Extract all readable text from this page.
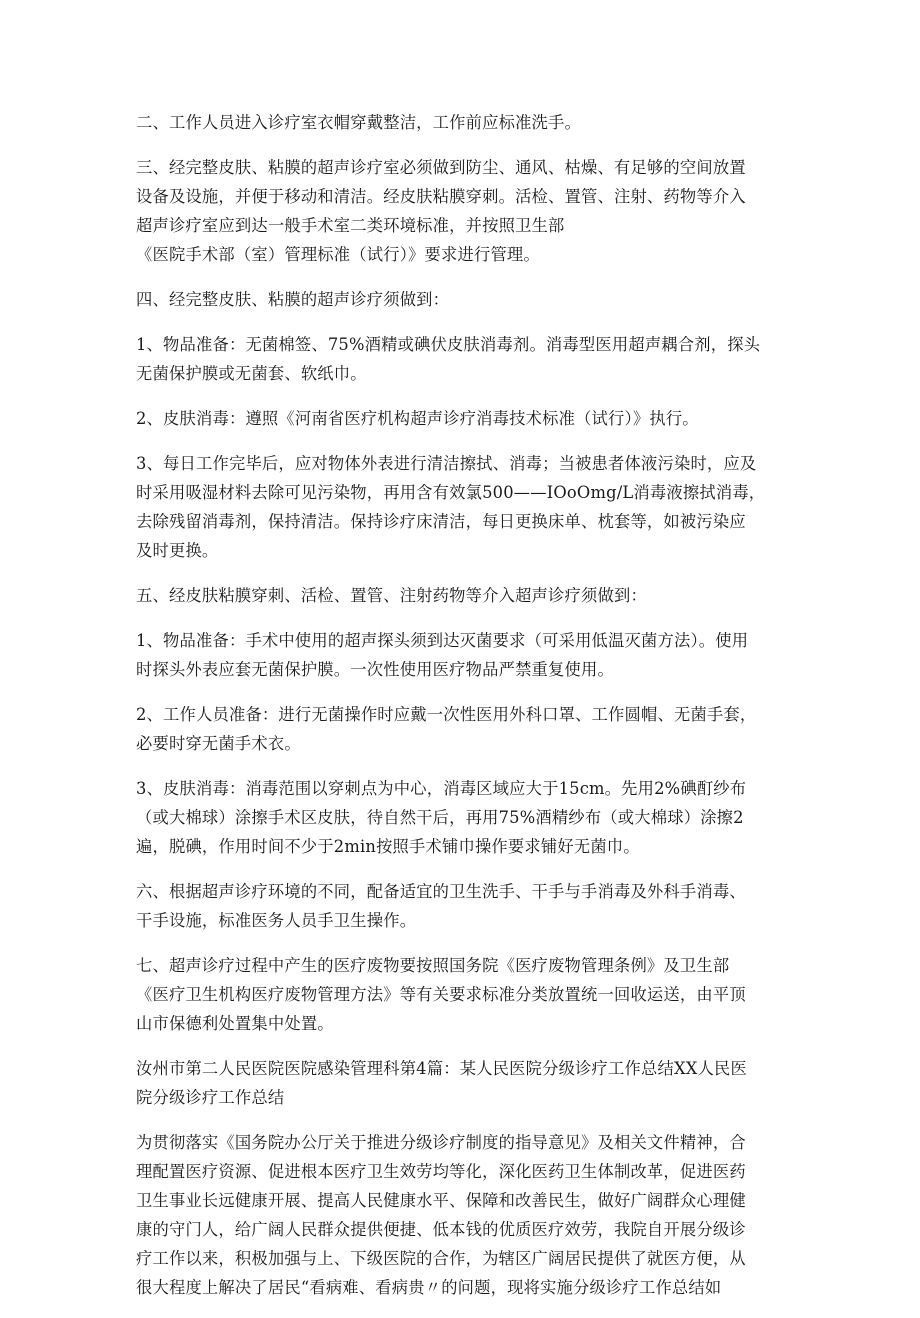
二、工作人员进入诊疗室衣帽穿戴整洁，工作前应标准洗手。

三、经完整皮肤、粘膜的超声诊疗室必须做到防尘、通风、枯燥、有足够的空间放置
设备及设施，并便于移动和清洁。经皮肤粘膜穿刺。活检、置管、注射、药物等介入
超声诊疗室应到达一般手术室二类环境标准，并按照卫生部
《医院手术部（室）管理标准（试行）》要求进行管理。

四、经完整皮肤、粘膜的超声诊疗须做到：

1、物品准备：无菌棉签、75%酒精或碘伏皮肤消毒剂。消毒型医用超声耦合剂，探头
无菌保护膜或无菌套、软纸巾。

2、皮肤消毒：遵照《河南省医疗机构超声诊疗消毒技术标准（试行）》执行。

3、每日工作完毕后，应对物体外表进行清洁擦拭、消毒；当被患者体液污染时，应及
时采用吸湿材料去除可见污染物，再用含有效氯500——IOoOmg/L消毒液擦拭消毒，
去除残留消毒剂，保持清洁。保持诊疗床清洁，每日更换床单、枕套等，如被污染应
及时更换。

五、经皮肤粘膜穿刺、活检、置管、注射药物等介入超声诊疗须做到：

1、物品准备：手术中使用的超声探头须到达灭菌要求（可采用低温灭菌方法）。使用
时探头外表应套无菌保护膜。一次性使用医疗物品严禁重复使用。

2、工作人员准备：进行无菌操作时应戴一次性医用外科口罩、工作圆帽、无菌手套，
必要时穿无菌手术衣。

3、皮肤消毒：消毒范围以穿刺点为中心，消毒区域应大于15cm。先用2%碘酊纱布
（或大棉球）涂擦手术区皮肤，待自然干后，再用75%酒精纱布（或大棉球）涂擦2
遍，脱碘，作用时间不少于2min按照手术铺巾操作要求铺好无菌巾。

六、根据超声诊疗环境的不同，配备适宜的卫生洗手、干手与手消毒及外科手消毒、
干手设施，标准医务人员手卫生操作。

七、超声诊疗过程中产生的医疗废物要按照国务院《医疗废物管理条例》及卫生部
《医疗卫生机构医疗废物管理方法》等有关要求标准分类放置统一回收运送，由平顶
山市保德利处置集中处置。

汝州市第二人民医院医院感染管理科第4篇：某人民医院分级诊疗工作总结XX人民医
院分级诊疗工作总结

为贯彻落实《国务院办公厅关于推进分级诊疗制度的指导意见》及相关文件精神，合
理配置医疗资源、促进根本医疗卫生效劳均等化，深化医药卫生体制改革，促进医药
卫生事业长远健康开展、提高人民健康水平、保障和改善民生，做好广阔群众心理健
康的守门人，给广阔人民群众提供便捷、低本钱的优质医疗效劳，我院自开展分级诊
疗工作以来，积极加强与上、下级医院的合作，为辖区广阔居民提供了就医方便，从
很大程度上解决了居民“看病难、看病贵〃的问题，现将实施分级诊疗工作总结如
